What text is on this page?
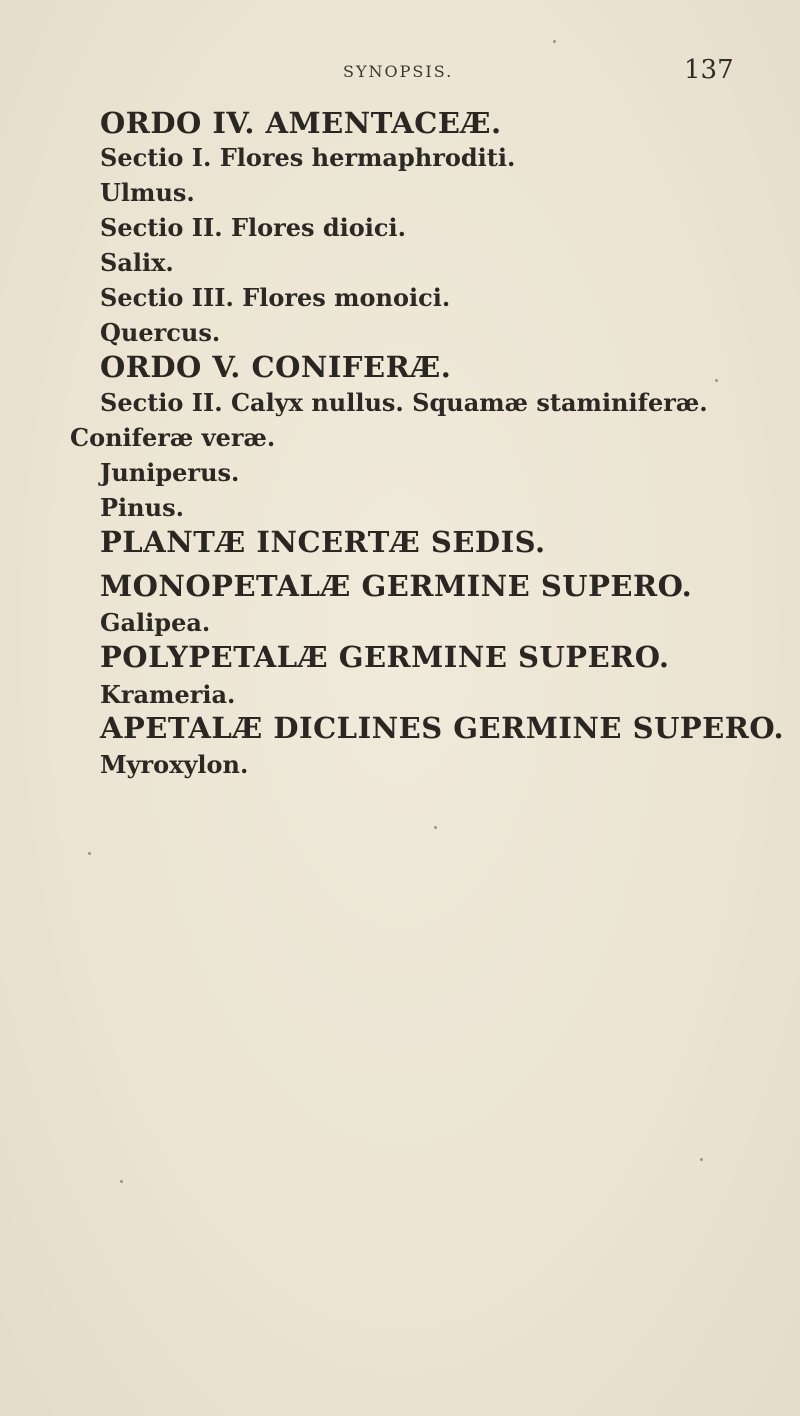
SYNOPSIS.	137
ORDO IV. AMENTACEÆ.
Sectio I. Flores hermaphroditi.
Ulmus.
Sectio II. Flores dioici.
Salix.
Sectio III. Flores monoici.
Quercus.
ORDO V. CONIFERÆ.
Sectio II. Calyx nullus. Squamæ staminiferæ.
Coniferæ veræ.
Juniperus.
Pinus.
PLANTÆ INCERTÆ SEDIS.
MONOPETALÆ GERMINE SUPERO.
Galipea.
POLYPETALÆ GERMINE SUPERO.
Krameria.
APETALÆ DICLINES GERMINE SUPERO.
Myroxylon.
